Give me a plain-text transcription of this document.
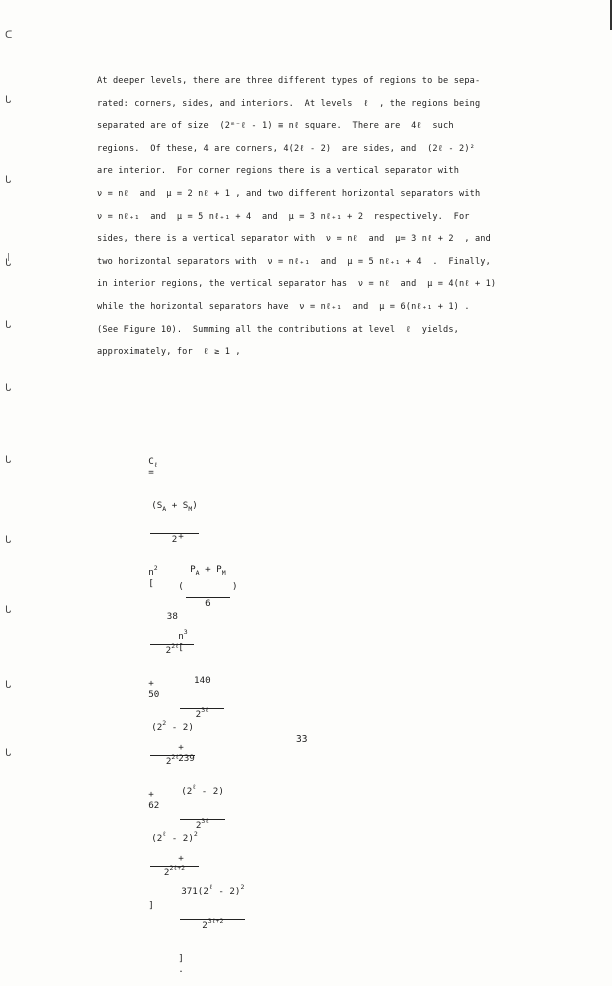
ᑕ
ᒐ
ᒐ
ᒐ
ᒐ
ᒐ
ᒐ
ᒐ
ᒐ
ᒐ
ᒐ
At deeper levels, there are three different types of regions to be sepa-
rated: corners, sides, and interiors.  At levels  ℓ  , the regions being
separated are of size  (2ᵐ⁻ℓ - 1) ≡ nℓ square.  There are  4ℓ  such
regions.  Of these, 4 are corners, 4(2ℓ - 2)  are sides, and  (2ℓ - 2)²
are interior.  For corner regions there is a vertical separator with
ν = nℓ  and  μ = 2 nℓ + 1 , and two different horizontal separators with
ν = nℓ₊₁  and  μ = 5 nℓ₊₁ + 4  and  μ = 3 nℓ₊₁ + 2  respectively.  For
sides, there is a vertical separator with  ν = nℓ  and  μ= 3 nℓ + 2  , and
two horizontal separators with  ν = nℓ₊₁  and  μ = 5 nℓ₊₁ + 4  .  Finally,
in interior regions, the vertical separator has  ν = nℓ  and  μ = 4(nℓ + 1)
while the horizontal separators have  ν = nℓ₊₁  and  μ = 6(nℓ₊₁ + 1) .
(See Figure 10).  Summing all the contributions at level  ℓ  yields,
approximately, for  ℓ ≥ 1 ,

$C_\ell$
=

$\frac{(S_A + S_M)}{2}$

$n^2$
[

$\frac{38}{2^{2\ell}}$

+
50

$\frac{(2^2 - 2)}{2^{2\ell}}$

+
62

$\frac{(2^\ell - 2)^2}{2^{2\ell+2}}$

]

+
(
$\frac{P_A + P_M}{6}$ )
$n^3$
[

$\frac{140}{2^{3\ell}}$

+
239

$\frac{(2^\ell - 2)}{2^{3\ell}}$

+

$\frac{371(2^\ell - 2)^2}{2^{3\ell+2}}$

]
.

33
